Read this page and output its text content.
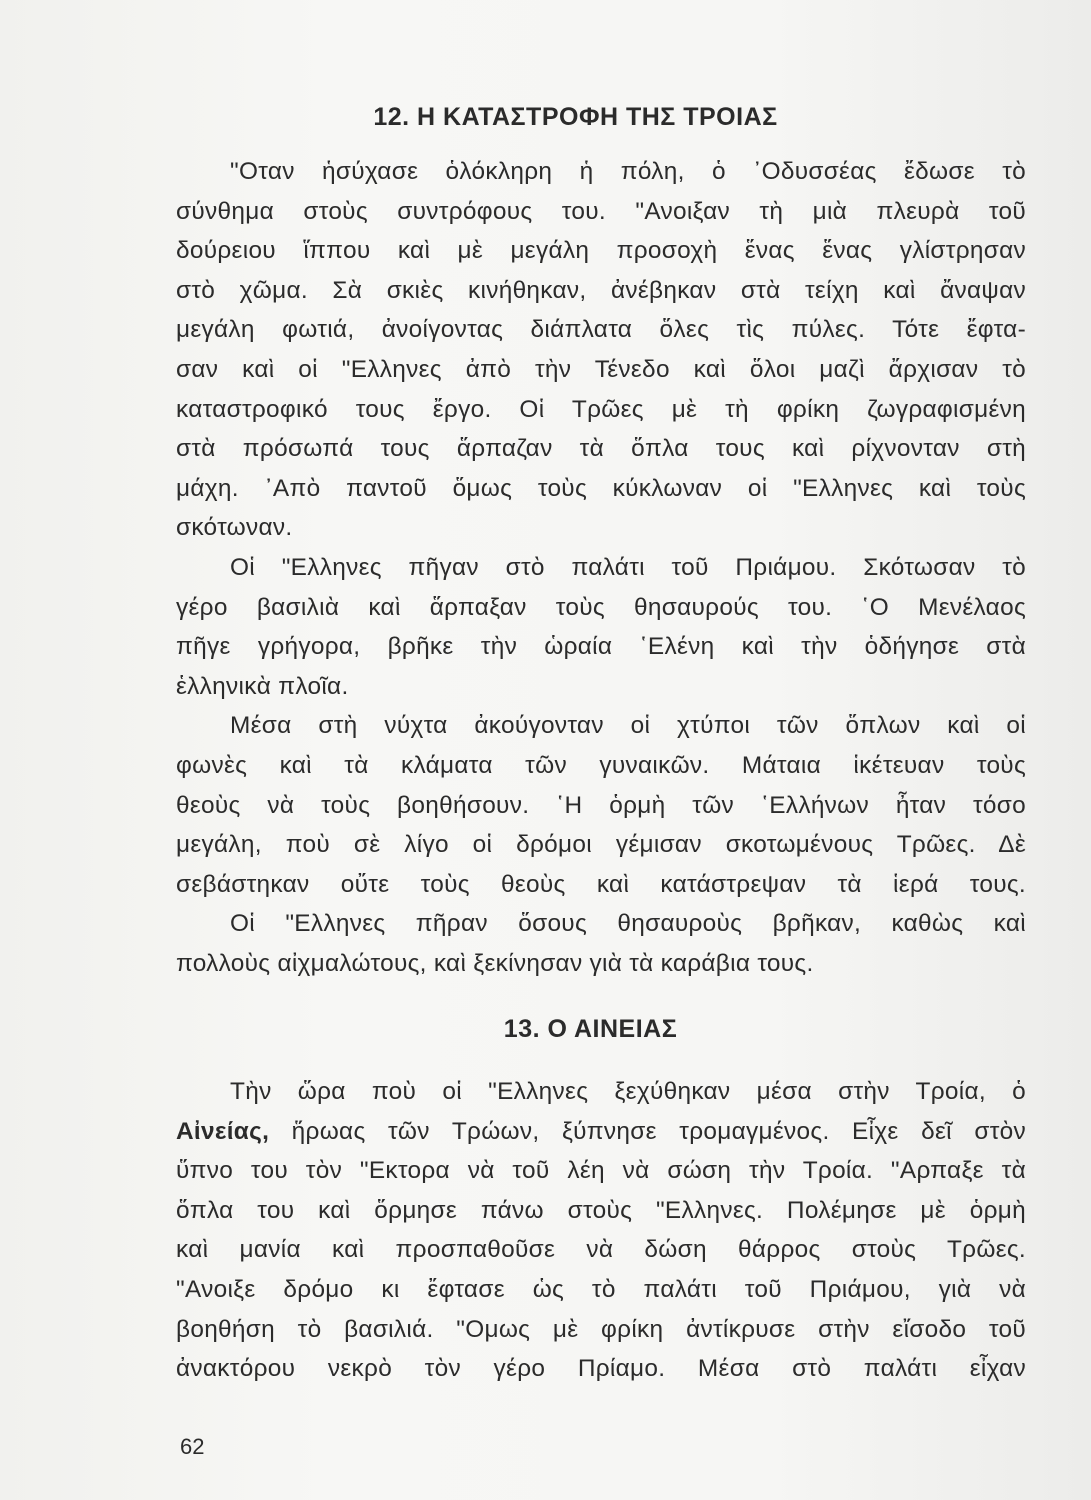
12. Η ΚΑΤΑΣΤΡΟΦΗ ΤΗΣ ΤΡΟΙΑΣ
"Οταν ἡσύχασε ὁλόκληρη ἡ πόλη, ὁ ᾿Οδυσσέας ἔδωσε τὸ
σύνθημα στοὺς συντρόφους του. "Ανοιξαν τὴ μιὰ πλευρὰ τοῦ
δούρειου ἵππου καὶ μὲ μεγάλη προσοχὴ ἕνας ἕνας γλίστρησαν
στὸ χῶμα. Σὰ σκιὲς κινήθηκαν, ἀνέβηκαν στὰ τείχη καὶ ἄναψαν
μεγάλη φωτιά, ἀνοίγοντας διάπλατα ὅλες τὶς πύλες. Τότε ἔφτα-
σαν καὶ οἱ "Ελληνες ἀπὸ τὴν Τένεδο καὶ ὅλοι μαζὶ ἄρχισαν τὸ
καταστροφικό τους ἔργο. Οἱ Τρῶες μὲ τὴ φρίκη ζωγραφισμένη
στὰ πρόσωπά τους ἅρπαζαν τὰ ὅπλα τους καὶ ρίχνονταν στὴ
μάχη. ᾿Απὸ παντοῦ ὅμως τοὺς κύκλωναν οἱ "Ελληνες καὶ τοὺς
σκότωναν.
Οἱ "Ελληνες πῆγαν στὸ παλάτι τοῦ Πριάμου. Σκότωσαν τὸ
γέρο βασιλιὰ καὶ ἅρπαξαν τοὺς θησαυρούς του. ῾Ο Μενέλαος
πῆγε γρήγορα, βρῆκε τὴν ὡραία ῾Ελένη καὶ τὴν ὁδήγησε στὰ
ἑλληνικὰ πλοῖα.
Μέσα στὴ νύχτα ἀκούγονταν οἱ χτύποι τῶν ὅπλων καὶ οἱ
φωνὲς καὶ τὰ κλάματα τῶν γυναικῶν. Μάταια ἱκέτευαν τοὺς
θεοὺς νὰ τοὺς βοηθήσουν. ῾Η ὁρμὴ τῶν ῾Ελλήνων ἦταν τόσο
μεγάλη, ποὺ σὲ λίγο οἱ δρόμοι γέμισαν σκοτωμένους Τρῶες. Δὲ
σεβάστηκαν οὔτε τοὺς θεοὺς καὶ κατάστρεψαν τὰ ἱερά τους.
Οἱ "Ελληνες πῆραν ὅσους θησαυροὺς βρῆκαν, καθὼς καὶ
πολλοὺς αἰχμαλώτους, καὶ ξεκίνησαν γιὰ τὰ καράβια τους.
13. Ο ΑΙΝΕΙΑΣ
Τὴν ὥρα ποὺ οἱ "Ελληνες ξεχύθηκαν μέσα στὴν Τροία, ὁ
Αἰνείας, ἥρωας τῶν Τρώων, ξύπνησε τρομαγμένος. Εἶχε δεῖ στὸν
ὕπνο του τὸν "Εκτορα νὰ τοῦ λέη νὰ σώση τὴν Τροία. "Αρπαξε τὰ
ὅπλα του καὶ ὅρμησε πάνω στοὺς "Ελληνες. Πολέμησε μὲ ὁρμὴ
καὶ μανία καὶ προσπαθοῦσε νὰ δώση θάρρος στοὺς Τρῶες.
"Ανοιξε δρόμο κι ἔφτασε ὡς τὸ παλάτι τοῦ Πριάμου, γιὰ νὰ
βοηθήση τὸ βασιλιά. "Ομως μὲ φρίκη ἀντίκρυσε στὴν εἴσοδο τοῦ
ἀνακτόρου νεκρὸ τὸν γέρο Πρίαμο. Μέσα στὸ παλάτι εἶχαν
62
